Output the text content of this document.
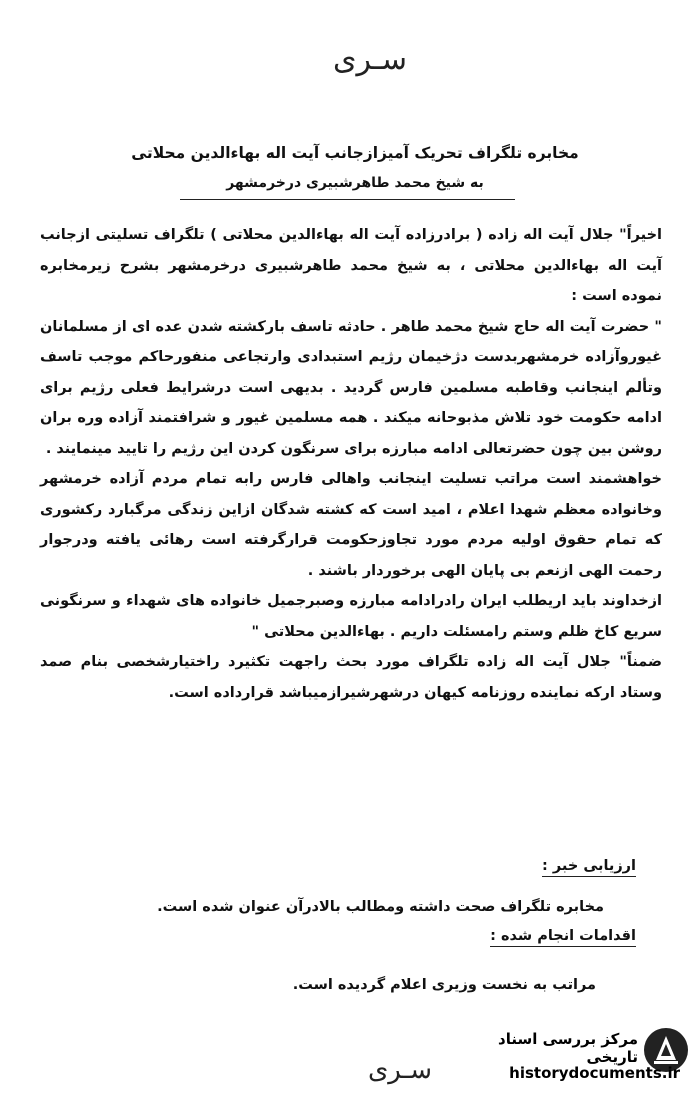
سـری
مخابره تلگراف تحریک آمیزازجانب آیت اله بهاءالدین محلاتی
به شیخ محمد طاهرشبیری درخرمشهر

اخیراً" جلال آیت اله زاده ( برادرزاده آیت اله بهاءالدین محلاتی ) تلگراف تسلیتی ازجانب آیت اله بهاءالدین محلاتی ، به شیخ محمد طاهرشبیری درخرمشهر بشرح زیرمخابره نموده است :

" حضرت آیت اله حاج شیخ محمد طاهر . حادثه تاسف بارکشته شدن عده ای از مسلمانان غیوروآزاده خرمشهربدست دژخیمان رژیم استبدادی وارتجاعی منفورحاکم موجب تاسف وتألم اینجانب وقاطبه مسلمین فارس گردید . بدیهی است درشرایط فعلی رژیم برای ادامه حکومت خود تلاش مذبوحانه میکند . همه مسلمین غیور و شرافتمند آزاده وره بران روشن بین چون حضرتعالی ادامه مبارزه برای سرنگون کردن این رژیم را تایید مینمایند .

خواهشمند است مراتب تسلیت اینجانب واهالی فارس رابه تمام مردم آزاده خرمشهر وخانواده معظم شهدا اعلام ، امید است که کشته شدگان ازاین زندگی مرگبارد رکشوری که تمام حقوق اولیه مردم مورد تجاوزحکومت قرارگرفته است رهائی یافته ودرجوار رحمت الهی ازنعم بی پایان الهی برخوردار باشند .

ازخداوند باید اریطلب ایران رادرادامه مبارزه وصبرجمیل خانواده های شهداء و سرنگونی سریع کاخ ظلم وستم رامسئلت داریم . بهاءالدین محلاتی "

ضمناً" جلال آیت اله زاده تلگراف مورد بحث راجهت تکثیرد راختیارشخصی بنام صمد وستاد ارکه نماینده روزنامه کیهان درشهرشیرازمیباشد قرارداده است.

ارزیابی خبر :
مخابره تلگراف صحت داشته ومطالب بالادرآن عنوان شده است.
اقدامات انجام شده :
مراتب به نخست وزیری اعلام گردیده است.
سـری
مرکز بررسی اسناد تاریخی
historydocuments.ir
